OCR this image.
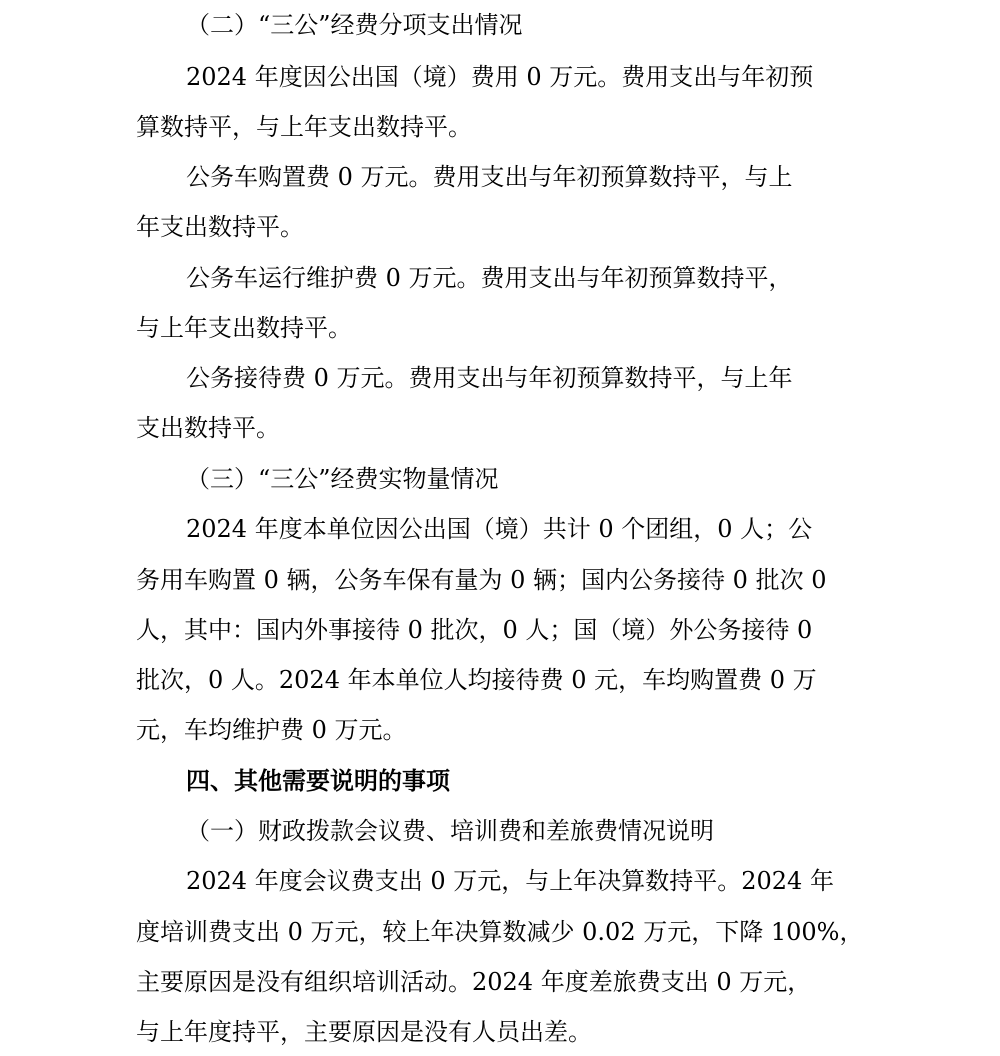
（二）“三公”经费分项支出情况
2024 年度因公出国（境）费用 0 万元。费用支出与年初预
算数持平，与上年支出数持平。
公务车购置费 0 万元。费用支出与年初预算数持平，与上
年支出数持平。
公务车运行维护费 0 万元。费用支出与年初预算数持平，
与上年支出数持平。
公务接待费 0 万元。费用支出与年初预算数持平，与上年
支出数持平。
（三）“三公”经费实物量情况
2024 年度本单位因公出国（境）共计 0 个团组，0 人；公
务用车购置 0 辆，公务车保有量为 0 辆；国内公务接待 0 批次 0
人，其中：国内外事接待 0 批次，0 人；国（境）外公务接待 0
批次，0 人。2024 年本单位人均接待费 0 元，车均购置费 0 万
元，车均维护费 0 万元。
四、其他需要说明的事项
（一）财政拨款会议费、培训费和差旅费情况说明
2024 年度会议费支出 0 万元，与上年决算数持平。2024 年
度培训费支出 0 万元，较上年决算数减少 0.02 万元，下降 100%，
主要原因是没有组织培训活动。2024 年度差旅费支出 0 万元，
与上年度持平，主要原因是没有人员出差。
